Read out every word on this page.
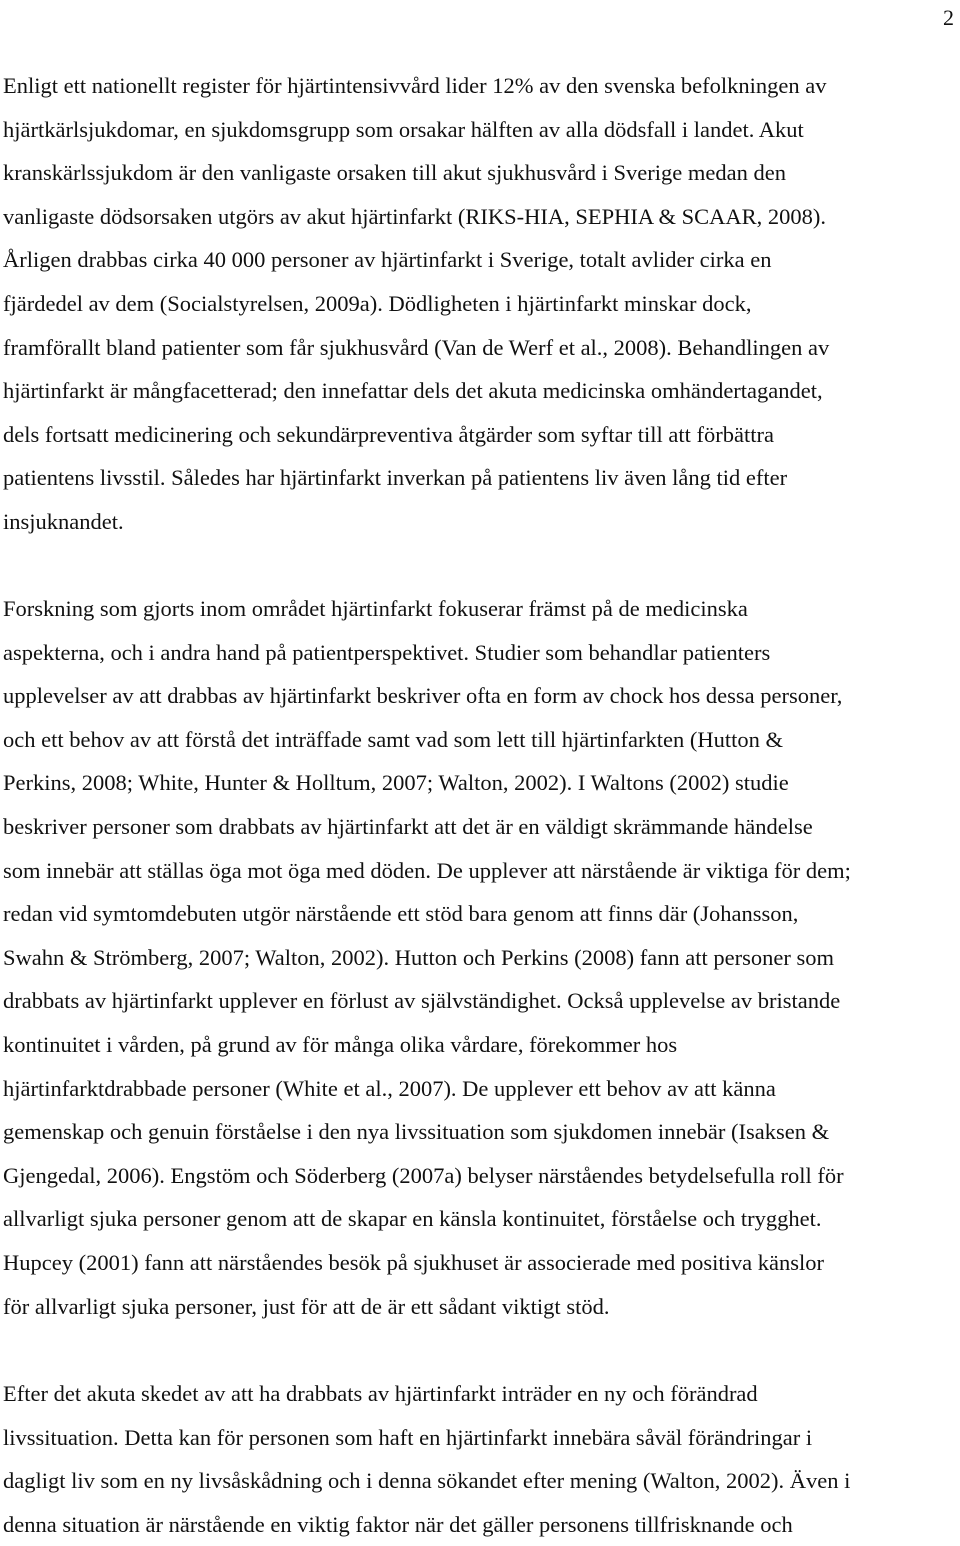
2
Enligt ett nationellt register för hjärtintensivvård lider 12% av den svenska befolkningen av
hjärtkärlsjukdomar, en sjukdomsgrupp som orsakar hälften av alla dödsfall i landet. Akut
kranskärlssjukdom är den vanligaste orsaken till akut sjukhusvård i Sverige medan den
vanligaste dödsorsaken utgörs av akut hjärtinfarkt (RIKS-HIA, SEPHIA & SCAAR, 2008).
Årligen drabbas cirka 40 000 personer av hjärtinfarkt i Sverige, totalt avlider cirka en
fjärdedel av dem (Socialstyrelsen, 2009a). Dödligheten i hjärtinfarkt minskar dock,
framförallt bland patienter som får sjukhusvård (Van de Werf et al., 2008). Behandlingen av
hjärtinfarkt är mångfacetterad; den innefattar dels det akuta medicinska omhändertagandet,
dels fortsatt medicinering och sekundärpreventiva åtgärder som syftar till att förbättra
patientens livsstil. Således har hjärtinfarkt inverkan på patientens liv även lång tid efter
insjuknandet.
Forskning som gjorts inom området hjärtinfarkt fokuserar främst på de medicinska
aspekterna, och i andra hand på patientperspektivet. Studier som behandlar patienters
upplevelser av att drabbas av hjärtinfarkt beskriver ofta en form av chock hos dessa personer,
och ett behov av att förstå det inträffade samt vad som lett till hjärtinfarkten (Hutton &
Perkins, 2008; White, Hunter & Holltum, 2007; Walton, 2002). I Waltons (2002) studie
beskriver personer som drabbats av hjärtinfarkt att det är en väldigt skrämmande händelse
som innebär att ställas öga mot öga med döden. De upplever att närstående är viktiga för dem;
redan vid symtomdebuten utgör närstående ett stöd bara genom att finns där (Johansson,
Swahn & Strömberg, 2007; Walton, 2002). Hutton och Perkins (2008) fann att personer som
drabbats av hjärtinfarkt upplever en förlust av självständighet. Också upplevelse av bristande
kontinuitet i vården, på grund av för många olika vårdare, förekommer hos
hjärtinfarktdrabbade personer (White et al., 2007). De upplever ett behov av att känna
gemenskap och genuin förståelse i den nya livssituation som sjukdomen innebär (Isaksen &
Gjengedal, 2006). Engstöm och Söderberg (2007a) belyser närståendes betydelsefulla roll för
allvarligt sjuka personer genom att de skapar en känsla kontinuitet, förståelse och trygghet.
Hupcey (2001) fann att närståendes besök på sjukhuset är associerade med positiva känslor
för allvarligt sjuka personer, just för att de är ett sådant viktigt stöd.
Efter det akuta skedet av att ha drabbats av hjärtinfarkt inträder en ny och förändrad
livssituation. Detta kan för personen som haft en hjärtinfarkt innebära såväl förändringar i
dagligt liv som en ny livsåskådning och i denna sökandet efter mening (Walton, 2002). Även i
denna situation är närstående en viktig faktor när det gäller personens tillfrisknande och
